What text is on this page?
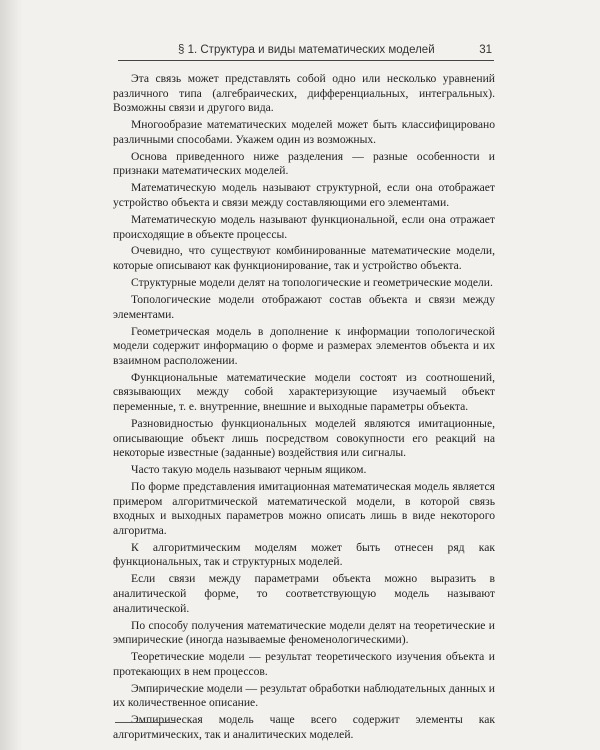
§ 1. Структура и виды математических моделей	31

Эта связь может представлять собой одно или несколько уравнений различного типа (алгебраических, дифференциальных, интегральных). Возможны связи и другого вида.

Многообразие математических моделей может быть классифицировано различными способами. Укажем один из возможных.

Основа приведенного ниже разделения — разные особенности и признаки математических моделей.

Математическую модель называют структурной, если она отображает устройство объекта и связи между составляющими его элементами.

Математическую модель называют функциональной, если она отражает происходящие в объекте процессы.

Очевидно, что существуют комбинированные математические модели, которые описывают как функционирование, так и устройство объекта.

Структурные модели делят на топологические и геометрические модели.

Топологические модели отображают состав объекта и связи между элементами.

Геометрическая модель в дополнение к информации топологической модели содержит информацию о форме и размерах элементов объекта и их взаимном расположении.

Функциональные математические модели состоят из соотношений, связывающих между собой характеризующие изучаемый объект переменные, т. е. внутренние, внешние и выходные параметры объекта.

Разновидностью функциональных моделей являются имитационные, описывающие объект лишь посредством совокупности его реакций на некоторые известные (заданные) воздействия или сигналы.

Часто такую модель называют черным ящиком.

По форме представления имитационная математическая модель является примером алгоритмической математической модели, в которой связь входных и выходных параметров можно описать лишь в виде некоторого алгоритма.

К алгоритмическим моделям может быть отнесен ряд как функциональных, так и структурных моделей.

Если связи между параметрами объекта можно выразить в аналитической форме, то соответствующую модель называют аналитической.

По способу получения математические модели делят на теоретические и эмпирические (иногда называемые феноменологическими).

Теоретические модели — результат теоретического изучения объекта и протекающих в нем процессов.

Эмпирические модели — результат обработки наблюдательных данных и их количественное описание.

Эмпирическая модель чаще всего содержит элементы как алгоритмических, так и аналитических моделей.
